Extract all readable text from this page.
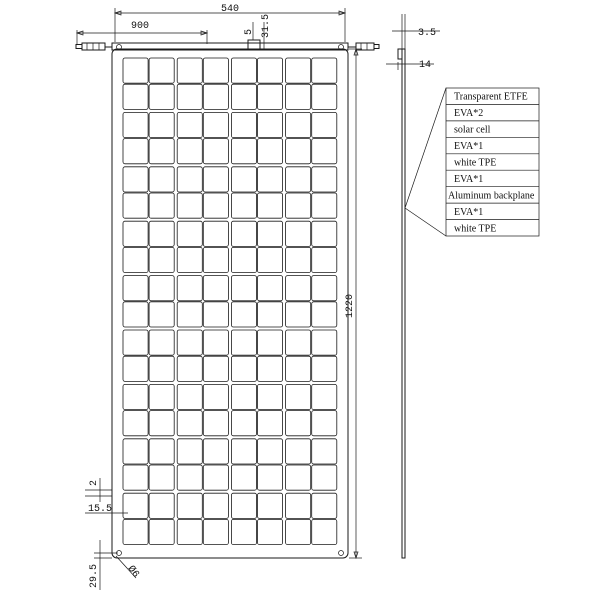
540
900	5 31.5
1220
2
15.5
29.5 Ø6
3.5
14
Transparent ETFE
EVA*2
solar cell
EVA*1
white TPE
EVA*1
Aluminum backplane
EVA*1
white TPE
